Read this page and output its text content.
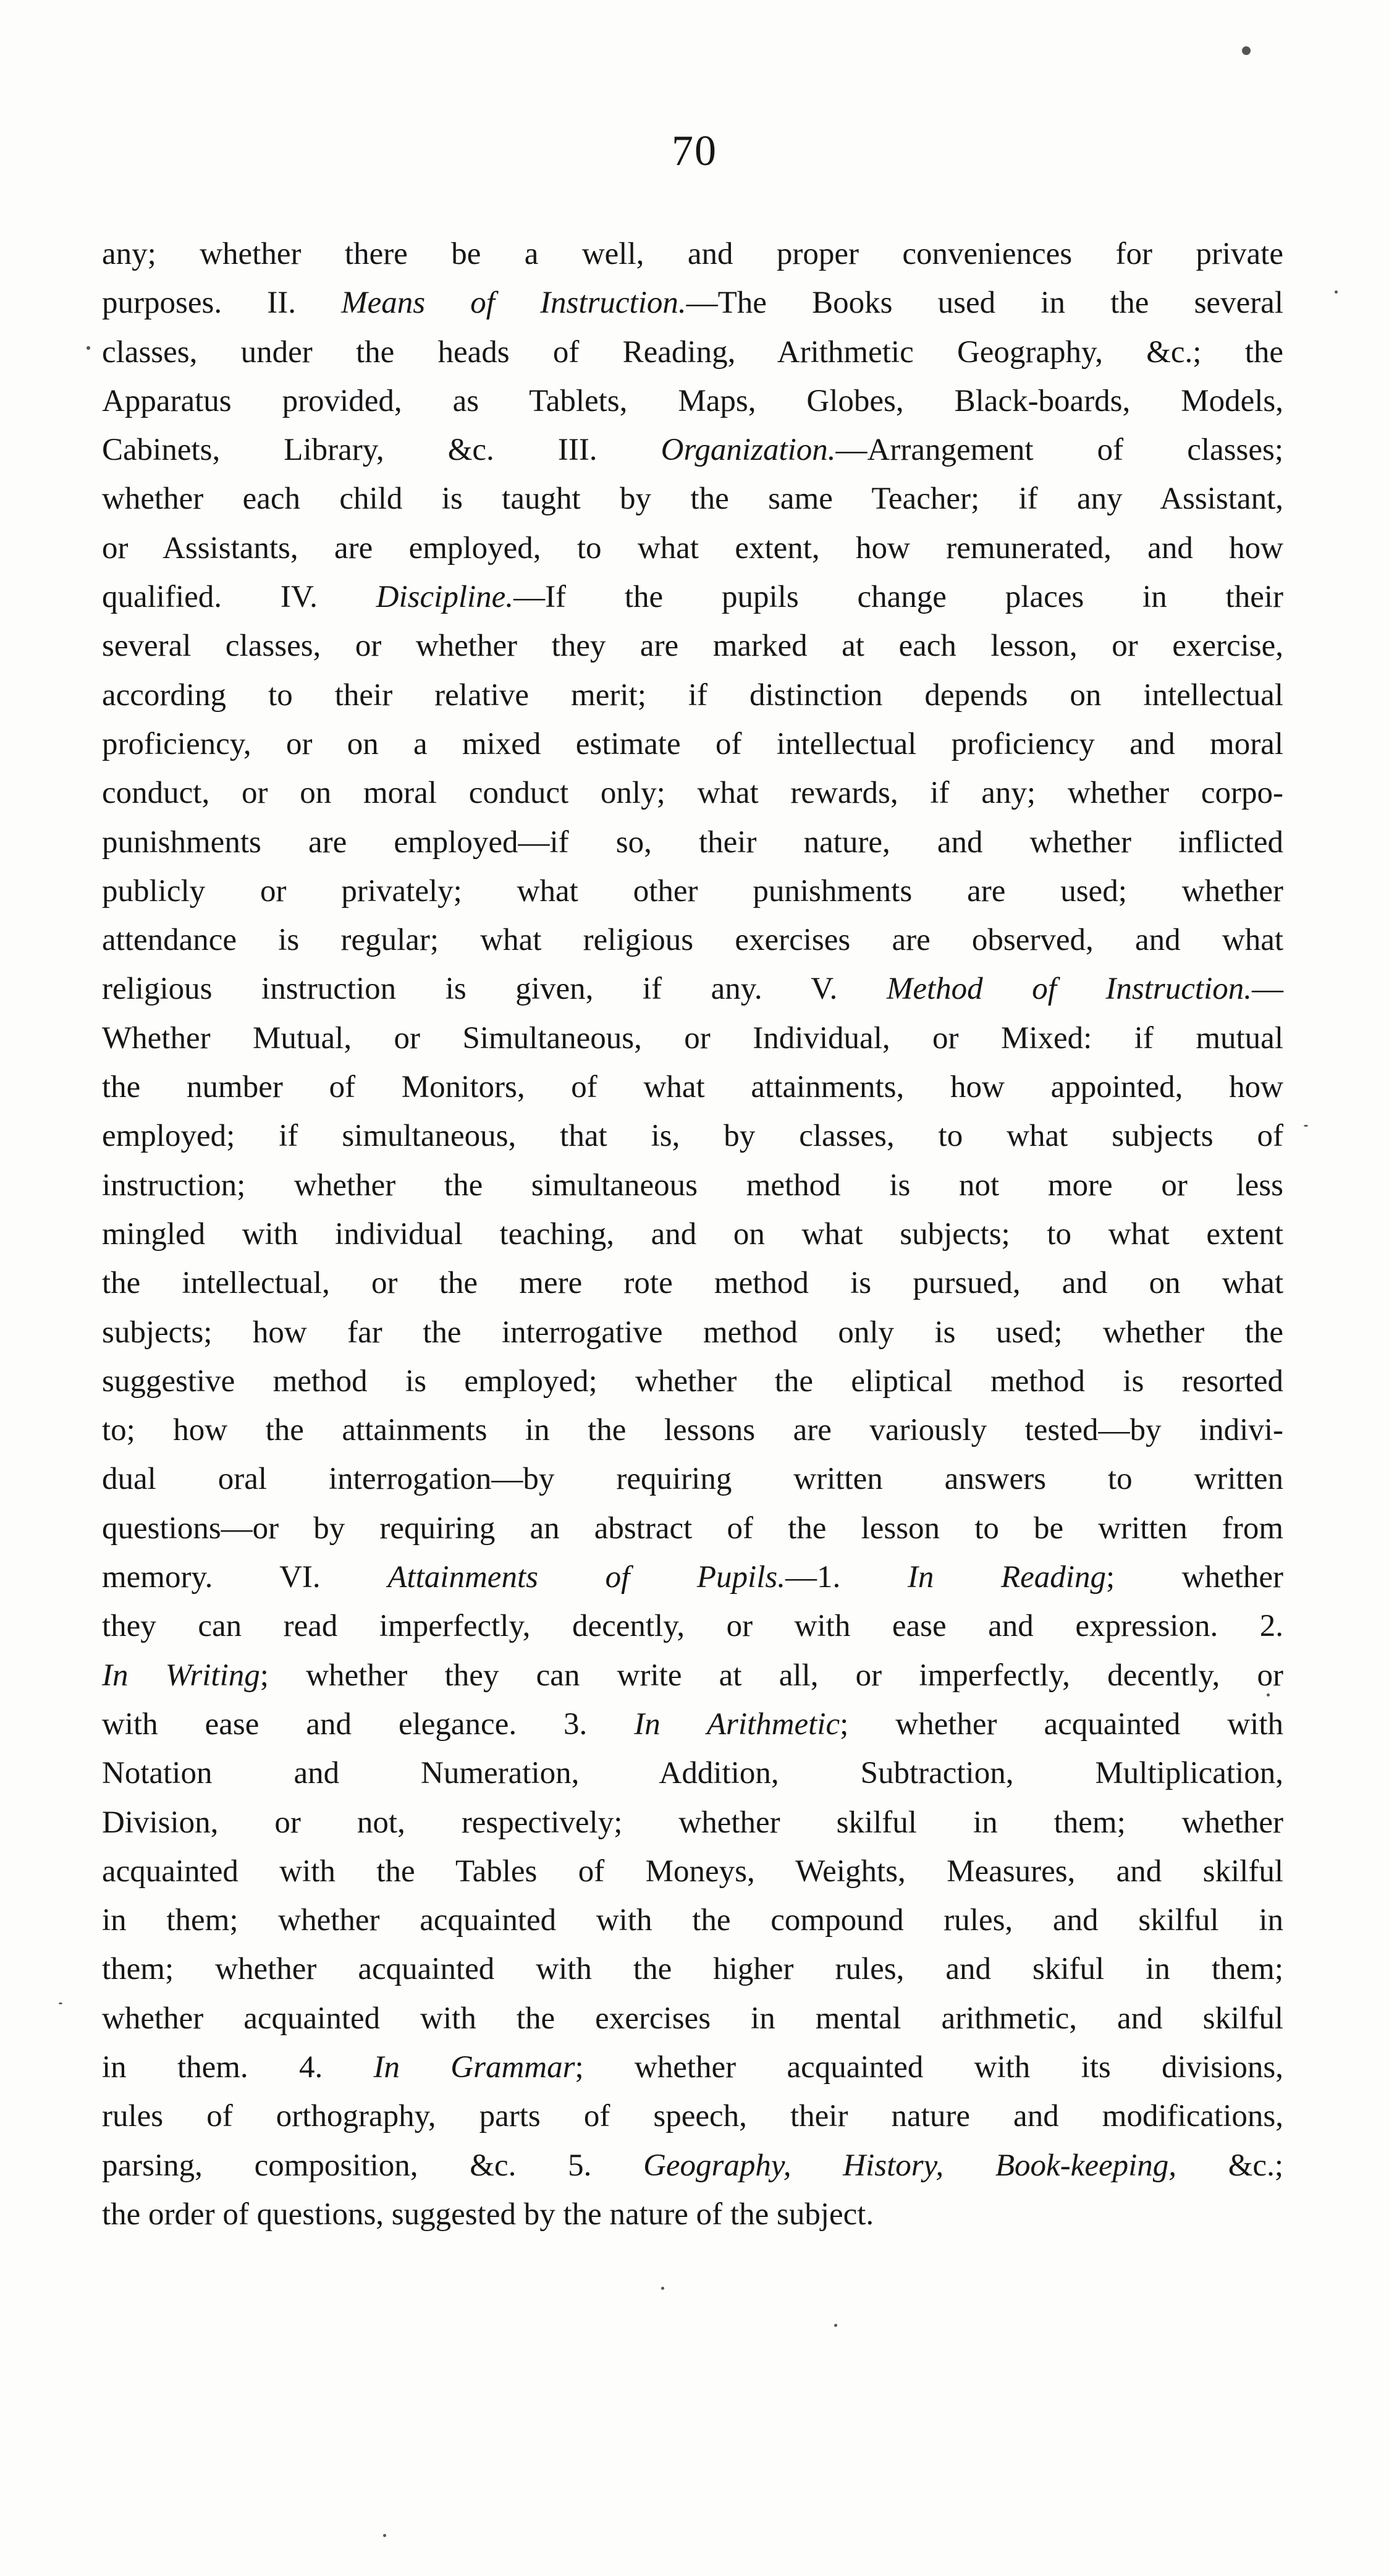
70
any; whether there be a well, and proper conveniences for private
purposes. II. Means of Instruction.—The Books used in the several
classes, under the heads of Reading, Arithmetic Geography, &c.; the
Apparatus provided, as Tablets, Maps, Globes, Black-boards, Models,
Cabinets, Library, &c. III. Organization.—Arrangement of classes;
whether each child is taught by the same Teacher; if any Assistant,
or Assistants, are employed, to what extent, how remunerated, and how
qualified. IV. Discipline.—If the pupils change places in their
several classes, or whether they are marked at each lesson, or exercise,
according to their relative merit; if distinction depends on intellectual
proficiency, or on a mixed estimate of intellectual proficiency and moral
conduct, or on moral conduct only; what rewards, if any; whether corpo-
punishments are employed—if so, their nature, and whether inflicted
publicly or privately; what other punishments are used; whether
attendance is regular; what religious exercises are observed, and what
religious instruction is given, if any. V. Method of Instruction.—
Whether Mutual, or Simultaneous, or Individual, or Mixed: if mutual
the number of Monitors, of what attainments, how appointed, how
employed; if simultaneous, that is, by classes, to what subjects of
instruction; whether the simultaneous method is not more or less
mingled with individual teaching, and on what subjects; to what extent
the intellectual, or the mere rote method is pursued, and on what
subjects; how far the interrogative method only is used; whether the
suggestive method is employed; whether the eliptical method is resorted
to; how the attainments in the lessons are variously tested—by indivi-
dual oral interrogation—by requiring written answers to written
questions—or by requiring an abstract of the lesson to be written from
memory. VI. Attainments of Pupils.—1. In Reading; whether
they can read imperfectly, decently, or with ease and expression. 2.
In Writing; whether they can write at all, or imperfectly, decently, or
with ease and elegance. 3. In Arithmetic; whether acquainted with
Notation and Numeration, Addition, Subtraction, Multiplication,
Division, or not, respectively; whether skilful in them; whether
acquainted with the Tables of Moneys, Weights, Measures, and skilful
in them; whether acquainted with the compound rules, and skilful in
them; whether acquainted with the higher rules, and skiful in them;
whether acquainted with the exercises in mental arithmetic, and skilful
in them. 4. In Grammar; whether acquainted with its divisions,
rules of orthography, parts of speech, their nature and modifications,
parsing, composition, &c. 5. Geography, History, Book-keeping, &c.;
the order of questions, suggested by the nature of the subject.
